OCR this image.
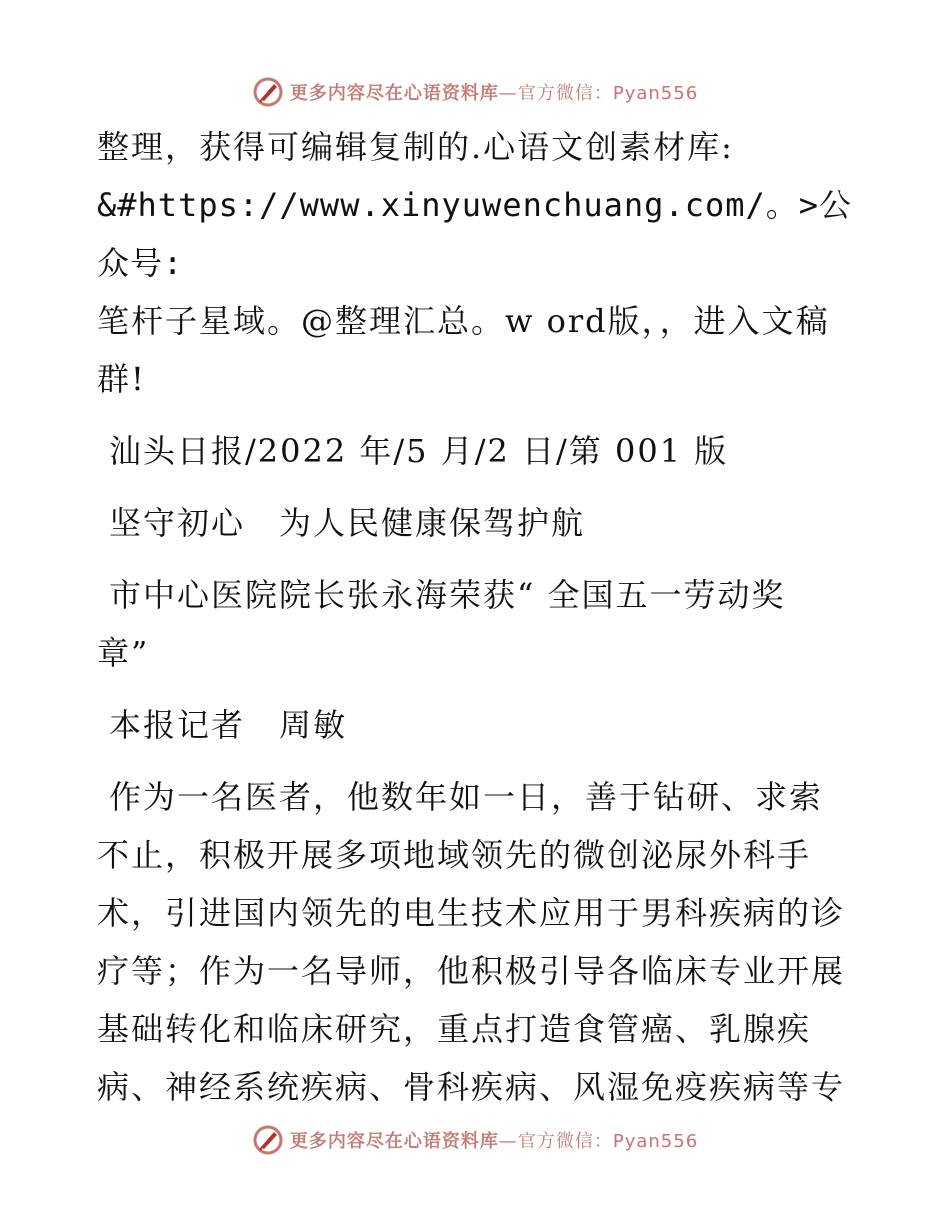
更多内容尽在心语资料库—官方微信：Pyan556
整理，获得可编辑复制的.心语文创素材库:
&#https://www.xinyuwenchuang.com/。>公众号:
笔杆子星域。@整理汇总。w ord版，，进入文稿
群!
汕头日报/2022 年/5 月/2 日/第 001 版
坚守初心　为人民健康保驾护航
市中心医院院长张永海荣获“ 全国五一劳动奖
章”
本报记者　周敏
作为一名医者，他数年如一日，善于钻研、求索
不止，积极开展多项地域领先的微创泌尿外科手
术，引进国内领先的电生技术应用于男科疾病的诊
疗等；作为一名导师，他积极引导各临床专业开展
基础转化和临床研究，重点打造食管癌、乳腺疾
病、神经系统疾病、骨科疾病、风湿免疫疾病等专
更多内容尽在心语资料库—官方微信：Pyan556
